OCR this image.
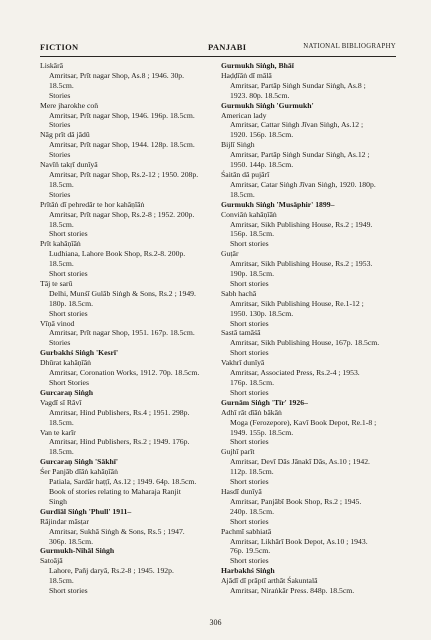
FICTION	PANJABI	NATIONAL BIBLIOGRAPHY
Liskārā
Amritsar, Prīt nagar Shop, As.8 ; 1946. 30p.
18.5cm.
Stories
Mere jharokhe con̄
Amritsar, Prīt nagar Shop, 1946. 196p. 18.5cm.
Stories
Nāg prīt dā jādū
Amritsar, Prīt nagar Shop, 1944. 128p. 18.5cm.
Stories
Navīn̄ takṛī dunīyā
Amritsar, Prīt nagar Shop, Rs.2-12 ; 1950. 208p.
18.5cm.
Stories
Prītāṅ dī pehredār te hor kahāṇīāṅ
Amritsar, Prīt nagar Shop, Rs.2-8 ; 1952. 200p.
18.5cm.
Short stories
Prīt kahāṇīāṅ
Ludhiana, Lahore Book Shop, Rs.2-8. 200p.
18.5cm.
Short stories
Tāj te sarū
Delhi, Munśī Gulāb Siṅgh & Sons, Rs.2 ; 1949.
180p. 18.5cm.
Short stories
Vīṇā vinod
Amritsar, Prīt nagar Shop, 1951. 167p. 18.5cm.
Stories
Gurbakhś Siṅgh 'Kesrī'
Dhūrat kahāṇīāṅ
Amritsar, Coronation Works, 1912. 70p. 18.5cm.
Short Stories
Gurcaraṇ Siṅgh
Vagdī sī Rāvī
Amritsar, Hind Publishers, Rs.4 ; 1951. 298p.
18.5cm.
Van te karīr
Amritsar, Hind Publishers, Rs.2 ; 1949. 176p.
18.5cm.
Gurcaraṇ Siṅgh 'Sākhī'
Śer Panjāb dīāṅ kahāṇīāṅ
Patiala, Sardār haṭṭī, As.12 ; 1949. 64p. 18.5cm.
Book of stories relating to Maharaja Ranjit
Singh
Gurdīāl Siṅgh 'Phull' 1911–
Rājindar māsṭar
Amritsar, Sukhā Siṅgh & Sons, Rs.5 ; 1947.
306p. 18.5cm.
Gurmukh-Nihāl Siṅgh
Satoājā
Lahore, Pañj daryā, Rs.2-8 ; 1945. 192p.
18.5cm.
Short stories
Gurmukh Siṅgh, Bhāī
Haḍḍīāṅ dī mālā
Amritsar, Partāp Siṅgh Sundar Siṅgh, As.8 ;
1923. 80p. 18.5cm.
Gurmukh Siṅgh 'Gurmukh'
American lady
Amritsar, Cattar Siṅgh Jīvan Siṅgh, As.12 ;
1920. 156p. 18.5cm.
Bijlī Siṅgh
Amritsar, Partāp Siṅgh Sundar Siṅgh, As.12 ;
1950. 144p. 18.5cm.
Śaitān dā pujārī
Amritsar, Catar Siṅgh Jīvan Siṅgh, 1920. 180p.
18.5cm.
Gurmukh Siṅgh 'Musāphir' 1899–
Conviāṅ kahāṇīāṅ
Amritsar, Sikh Publishing House, Rs.2 ; 1949.
156p. 18.5cm.
Short stories
Guṭār
Amritsar, Sikh Publishing House, Rs.2 ; 1953.
190p. 18.5cm.
Short stories
Sabh hachā
Amritsar, Sikh Publishing House, Re.1-12 ;
1950. 130p. 18.5cm.
Short stories
Sastā tamāśā
Amritsar, Sikh Publishing House, 167p. 18.5cm.
Short stories
Vakhrī dunīyā
Amritsar, Associated Press, Rs.2-4 ; 1953.
176p. 18.5cm.
Short stories
Gurnām Siṅgh 'Tīr' 1926–
Adhī rāt dīāṅ bākāṅ
Moga (Ferozepore), Kavī Book Depot, Re.1-8 ;
1949. 155p. 18.5cm.
Short stories
Gujhī parīt
Amritsar, Devī Dās Jānakī Dās, As.10 ; 1942.
112p. 18.5cm.
Short stories
Hasdī dunīyā
Amritsar, Panjābī Book Shop, Rs.2 ; 1945.
240p. 18.5cm.
Short stories
Pachmī sabhiatā
Amritsar, Likhārī Book Depot, As.10 ; 1943.
76p. 19.5cm.
Short stories
Harbakhś Siṅgh
Ajādī dī prāptī arthāt Śakuntalā
Amritsar, Niraṅkār Press. 848p. 18.5cm.
306
